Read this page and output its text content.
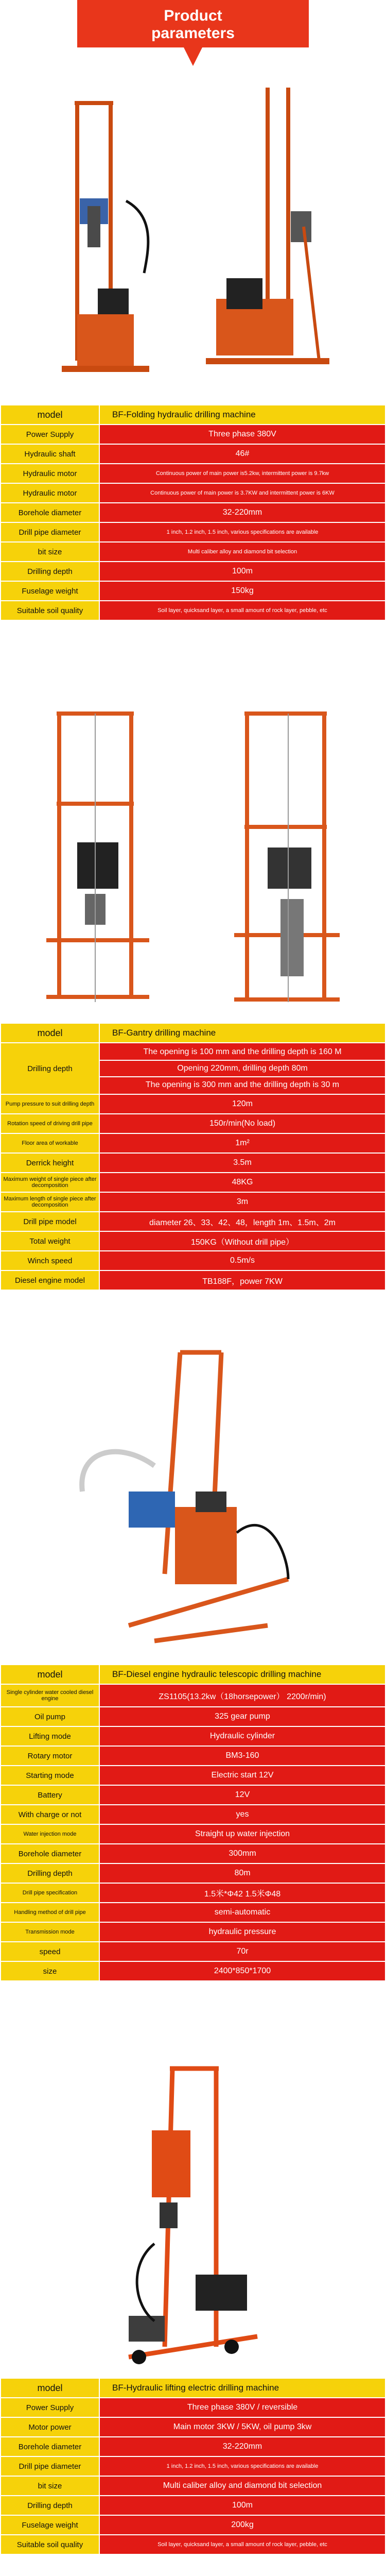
Product
parameters
model	BF-Folding hydraulic drilling machine
Power Supply	Three phase 380V
Hydraulic shaft	46#
Hydraulic motor	Continuous power of main power is5.2kw, intermittent power is 9.7kw
Hydraulic motor	Continuous power of main power is 3.7KW and intermittent power is 6KW
Borehole diameter	32-220mm
Drill pipe diameter	1 inch, 1.2 inch, 1.5 inch, various specifications are available
bit size	Multi caliber alloy and diamond bit selection
Drilling depth	100m
Fuselage weight	150kg
Suitable soil quality	Soil layer, quicksand layer, a small amount of rock layer, pebble, etc
model	BF-Gantry drilling machine
Drilling depth	The opening is 100 mm and the drilling depth is 160 M
Opening 220mm, drilling depth 80m
The opening is 300 mm and the drilling depth is 30 m

Pump pressure to suit drilling depth	120m
Rotation speed of driving drill pipe	150r/min(No load)
Floor area of workable	1m²
Derrick height	3.5m
Maximum weight of single piece after decomposition	48KG
Maximum length of single piece after decomposition	3m
Drill pipe model	diameter 26、33、42、48，length 1m、1.5m、2m
Total weight	150KG（Without drill pipe）
Winch speed	0.5m/s
Diesel engine model	TB188F，power 7KW
model	BF-Diesel engine hydraulic telescopic drilling machine
Single cylinder water cooled diesel engine	ZS1105(13.2kw（18horsepower） 2200r/min)
Oil pump	325 gear pump
Lifting mode	Hydraulic cylinder
Rotary motor	BM3-160
Starting mode	Electric start 12V
Battery	12V
With charge or not	yes
Water injection mode	Straight up water injection
Borehole diameter	300mm
Drilling depth	80m
Drill pipe specification	1.5米*Φ42 1.5米Φ48
Handling method of drill pipe	semi-automatic
Transmission mode	hydraulic pressure
speed	70r
size	2400*850*1700
model	BF-Hydraulic lifting electric drilling machine
Power Supply	Three phase 380V / reversible
Motor power	Main motor 3KW / 5KW, oil pump 3kw
Borehole diameter	32-220mm
Drill pipe diameter	1 inch, 1.2 inch, 1.5 inch, various specifications are available
bit size	Multi caliber alloy and diamond bit selection
Drilling depth	100m
Fuselage weight	200kg
Suitable soil quality	Soil layer, quicksand layer, a small amount of rock layer, pebble, etc
